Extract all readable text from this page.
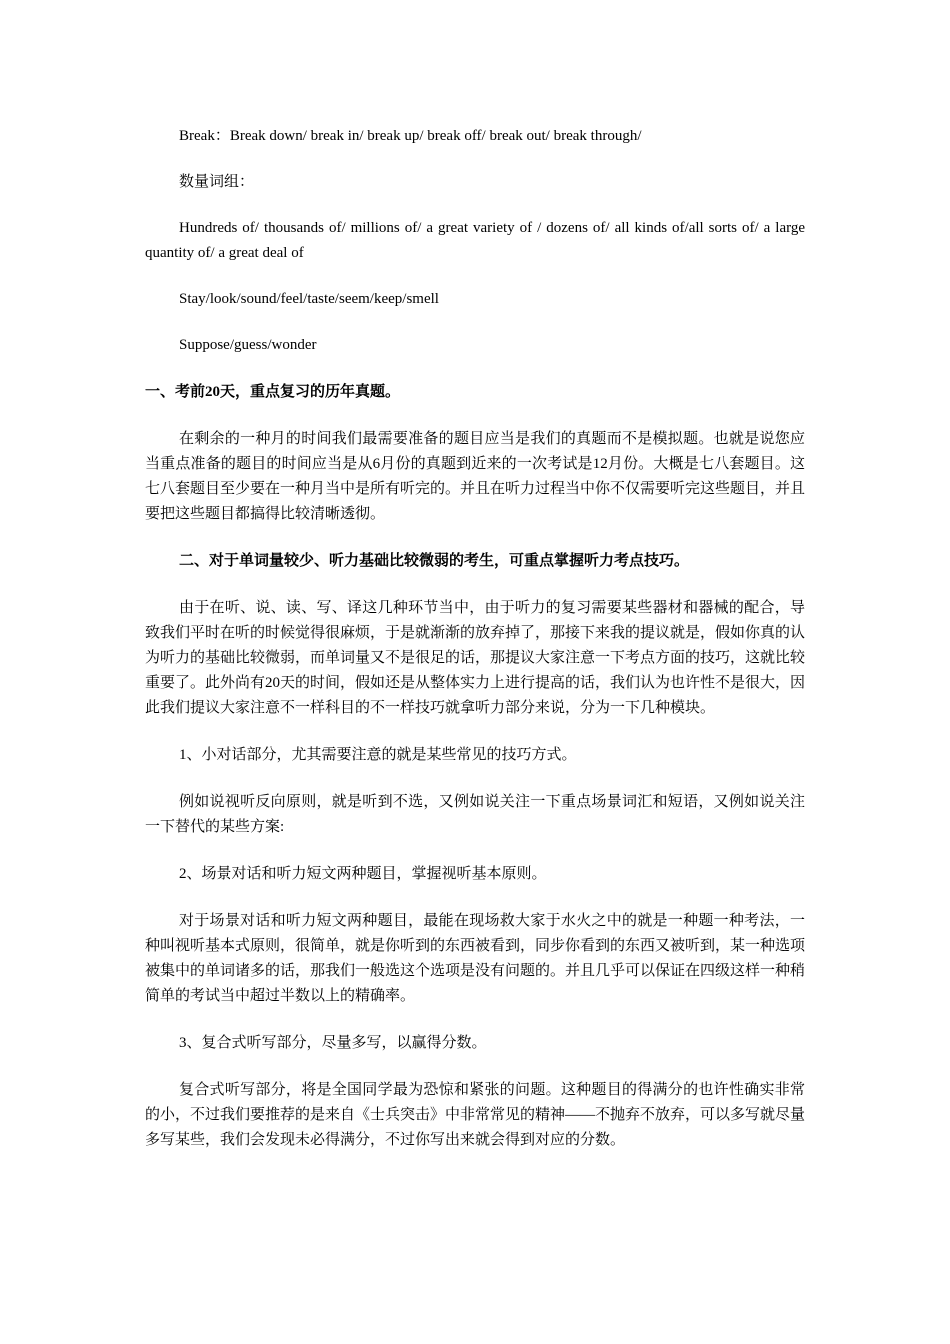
Break：Break down/ break in/ break up/ break off/ break out/ break through/

数量词组：

Hundreds of/ thousands of/ millions of/ a great variety of / dozens of/ all kinds of/all sorts of/ a large quantity of/ a great deal of

Stay/look/sound/feel/taste/seem/keep/smell

Suppose/guess/wonder

一、考前20天，重点复习的历年真题。

在剩余的一种月的时间我们最需要准备的题目应当是我们的真题而不是模拟题。也就是说您应当重点准备的题目的时间应当是从6月份的真题到近来的一次考试是12月份。大概是七八套题目。这七八套题目至少要在一种月当中是所有听完的。并且在听力过程当中你不仅需要听完这些题目，并且要把这些题目都搞得比较清晰透彻。

二、对于单词量较少、听力基础比较微弱的考生，可重点掌握听力考点技巧。

由于在听、说、读、写、译这几种环节当中，由于听力的复习需要某些器材和器械的配合，导致我们平时在听的时候觉得很麻烦，于是就渐渐的放弃掉了，那接下来我的提议就是，假如你真的认为听力的基础比较微弱，而单词量又不是很足的话，那提议大家注意一下考点方面的技巧，这就比较重要了。此外尚有20天的时间，假如还是从整体实力上进行提高的话，我们认为也许性不是很大，因此我们提议大家注意不一样科目的不一样技巧就拿听力部分来说，分为一下几种模块。

1、小对话部分，尤其需要注意的就是某些常见的技巧方式。

例如说视听反向原则，就是听到不选，又例如说关注一下重点场景词汇和短语，又例如说关注一下替代的某些方案:

2、场景对话和听力短文两种题目，掌握视听基本原则。

对于场景对话和听力短文两种题目，最能在现场救大家于水火之中的就是一种题一种考法，一种叫视听基本式原则，很简单，就是你听到的东西被看到，同步你看到的东西又被听到，某一种选项被集中的单词诸多的话，那我们一般选这个选项是没有问题的。并且几乎可以保证在四级这样一种稍简单的考试当中超过半数以上的精确率。

3、复合式听写部分，尽量多写，以赢得分数。

复合式听写部分，将是全国同学最为恐惊和紧张的问题。这种题目的得满分的也许性确实非常的小，不过我们要推荐的是来自《士兵突击》中非常常见的精神——不抛弃不放弃，可以多写就尽量多写某些，我们会发现未必得满分，不过你写出来就会得到对应的分数。
